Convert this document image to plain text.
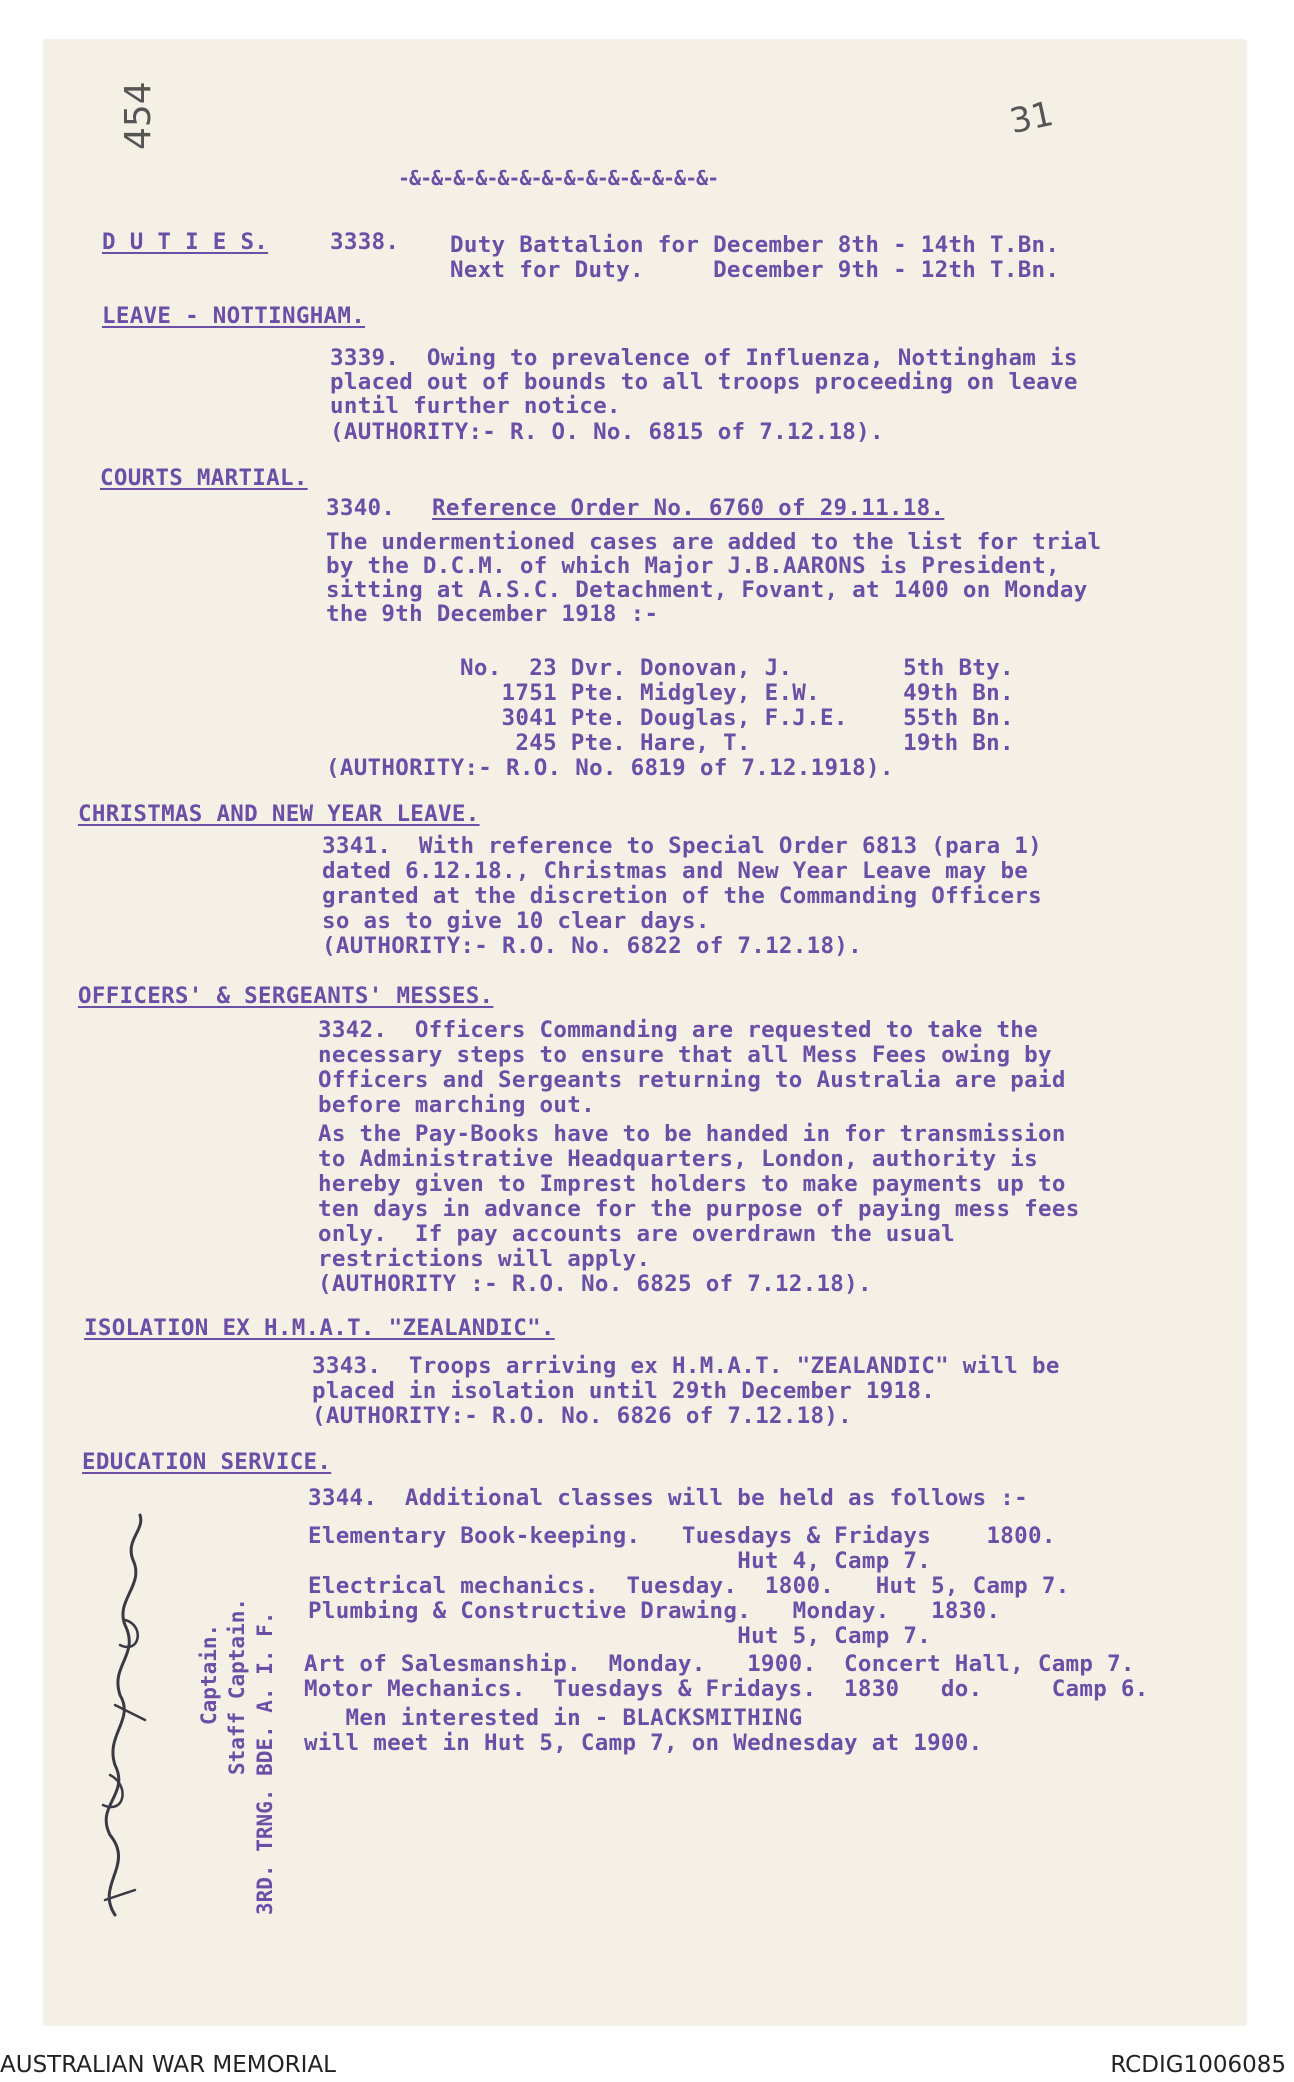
454	31
-&-&-&-&-&-&-&-&-&-&-&-&-&-&-
D U T I E S.	3338. Duty Battalion for December 8th - 14th T.Bn.
Next for Duty.     December 9th - 12th T.Bn.
LEAVE - NOTTINGHAM.
3339.  Owing to prevalence of Influenza, Nottingham is
placed out of bounds to all troops proceeding on leave
until further notice.
(AUTHORITY:- R. O. No. 6815 of 7.12.18).
COURTS MARTIAL.
3340. Reference Order No. 6760 of 29.11.18.
The undermentioned cases are added to the list for trial
by the D.C.M. of which Major J.B.AARONS is President,
sitting at A.S.C. Detachment, Fovant, at 1400 on Monday
the 9th December 1918 :-
No.  23 Dvr. Donovan, J.        5th Bty.
1751 Pte. Midgley, E.W.      49th Bn.
3041 Pte. Douglas, F.J.E.    55th Bn.
245 Pte. Hare, T.           19th Bn.
(AUTHORITY:- R.O. No. 6819 of 7.12.1918).
CHRISTMAS AND NEW YEAR LEAVE.
3341.  With reference to Special Order 6813 (para 1)
dated 6.12.18., Christmas and New Year Leave may be
granted at the discretion of the Commanding Officers
so as to give 10 clear days.
(AUTHORITY:- R.O. No. 6822 of 7.12.18).
OFFICERS' & SERGEANTS' MESSES.
3342.  Officers Commanding are requested to take the
necessary steps to ensure that all Mess Fees owing by
Officers and Sergeants returning to Australia are paid
before marching out.
As the Pay-Books have to be handed in for transmission
to Administrative Headquarters, London, authority is
hereby given to Imprest holders to make payments up to
ten days in advance for the purpose of paying mess fees
only.  If pay accounts are overdrawn the usual
restrictions will apply.
(AUTHORITY :- R.O. No. 6825 of 7.12.18).
ISOLATION EX H.M.A.T. "ZEALANDIC".
3343.  Troops arriving ex H.M.A.T. "ZEALANDIC" will be
placed in isolation until 29th December 1918.
(AUTHORITY:- R.O. No. 6826 of 7.12.18).
EDUCATION SERVICE.
3344.  Additional classes will be held as follows :-
Elementary Book-keeping.   Tuesdays & Fridays    1800.
Hut 4, Camp 7.
Electrical mechanics.  Tuesday.  1800.   Hut 5, Camp 7.
Plumbing & Constructive Drawing.   Monday.   1830.
Hut 5, Camp 7.
Art of Salesmanship.  Monday.   1900.  Concert Hall, Camp 7.
Motor Mechanics.  Tuesdays & Fridays.  1830   do.     Camp 6.
Men interested in - BLACKSMITHING
will meet in Hut 5, Camp 7, on Wednesday at 1900.
Captain. Staff Captain. 3RD. TRNG. BDE. A. I. F.
AUSTRALIAN WAR MEMORIAL	RCDIG1006085
